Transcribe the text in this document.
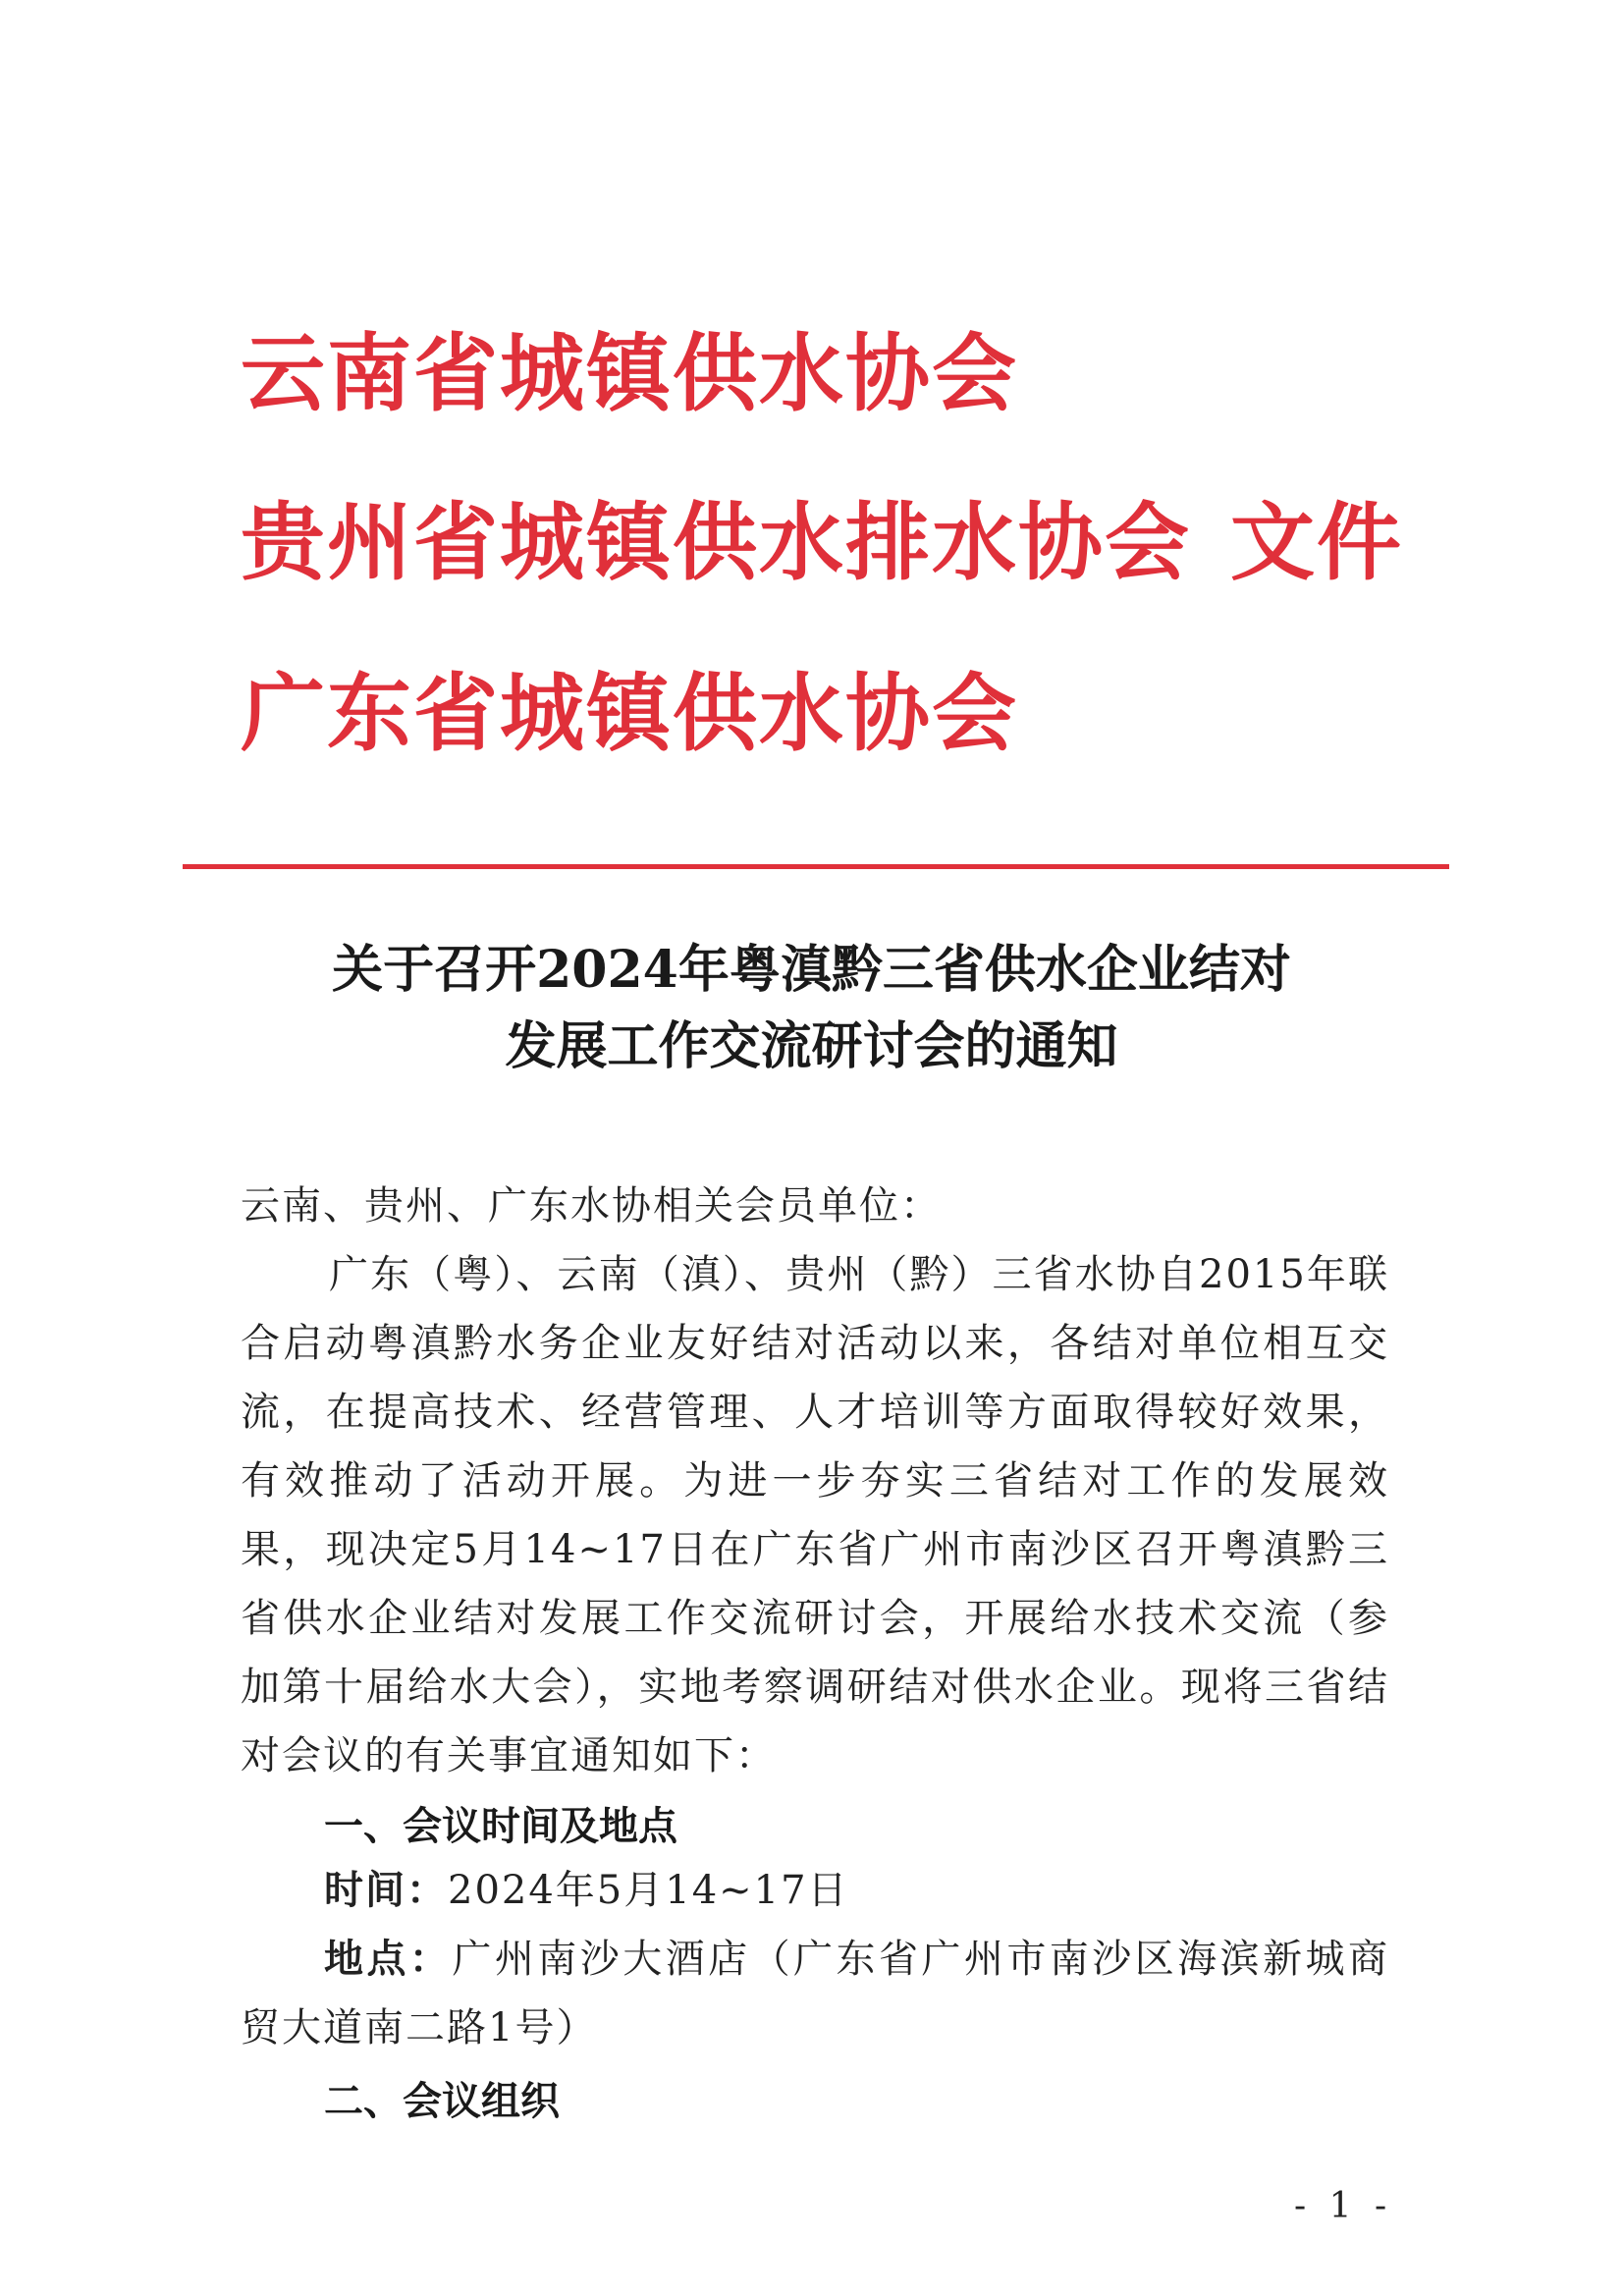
云南省城镇供水协会
贵州省城镇供水排水协会 文件
广东省城镇供水协会
关于召开2024年粤滇黔三省供水企业结对
发展工作交流研讨会的通知
云南、贵州、广东水协相关会员单位：
广东（粤）、云南（滇）、贵州（黔）三省水协自2015年联合启动粤滇黔水务企业友好结对活动以来，各结对单位相互交流，在提高技术、经营管理、人才培训等方面取得较好效果，有效推动了活动开展。为进一步夯实三省结对工作的发展效果，现决定5月14~17日在广东省广州市南沙区召开粤滇黔三省供水企业结对发展工作交流研讨会，开展给水技术交流（参加第十届给水大会），实地考察调研结对供水企业。现将三省结对会议的有关事宜通知如下：
一、会议时间及地点
时间：2024年5月14~17日
地点：广州南沙大酒店（广东省广州市南沙区海滨新城商贸大道南二路1号）
二、会议组织
- 1 -
